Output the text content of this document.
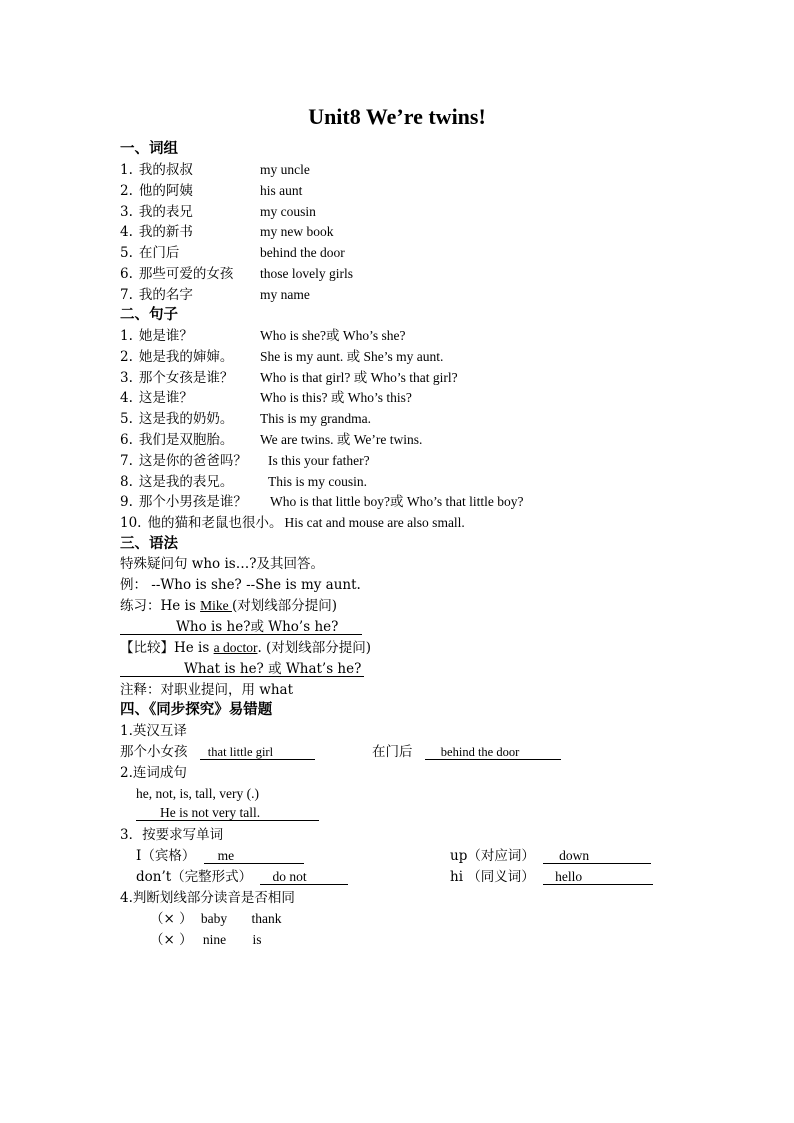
Unit8 We’re twins!
一、词组
1. 我的叔叔	my uncle
2. 他的阿姨	his aunt
3. 我的表兄	my cousin
4. 我的新书	my new book
5. 在门后	behind the door
6. 那些可爱的女孩 those lovely girls
7. 我的名字	my name
二、句子
1. 她是谁？	Who is she?或 Who’s she?
2. 她是我的婶婶。 She is my aunt. 或 She’s my aunt.
3. 那个女孩是谁？ Who is that girl? 或 Who’s that girl?
4. 这是谁？	Who is this? 或 Who’s this?
5. 这是我的奶奶。 This is my grandma.
6. 我们是双胞胎。 We are twins. 或 We’re twins.
7. 这是你的爸爸吗？ Is this your father?
8. 这是我的表兄。	This is my cousin.
9. 那个小男孩是谁？ Who is that little boy?或 Who’s that little boy?
10. 他的猫和老鼠也很小。 His cat and mouse are also small.
三、语法
特殊疑问句 who is…?及其回答。
例： --Who is she? --She is my aunt.
练习：He is Mike (对划线部分提问)
Who is he?或 Who’s he?
【比较】He is a doctor. (对划线部分提问)
What is he? 或 What’s he?
注释：对职业提问，用 what
四、《同步探究》易错题
1.英汉互译
那个小女孩 that little girl	在门后 behind the door
2.连词成句
he, not, is, tall, very (.)
He is not very tall.
3．按要求写单词
I（宾格） me	up（对应词） down
don’t（完整形式） do not	hi （同义词） hello
4.判断划线部分读音是否相同
（× ） baby thank
（× ） nine is
